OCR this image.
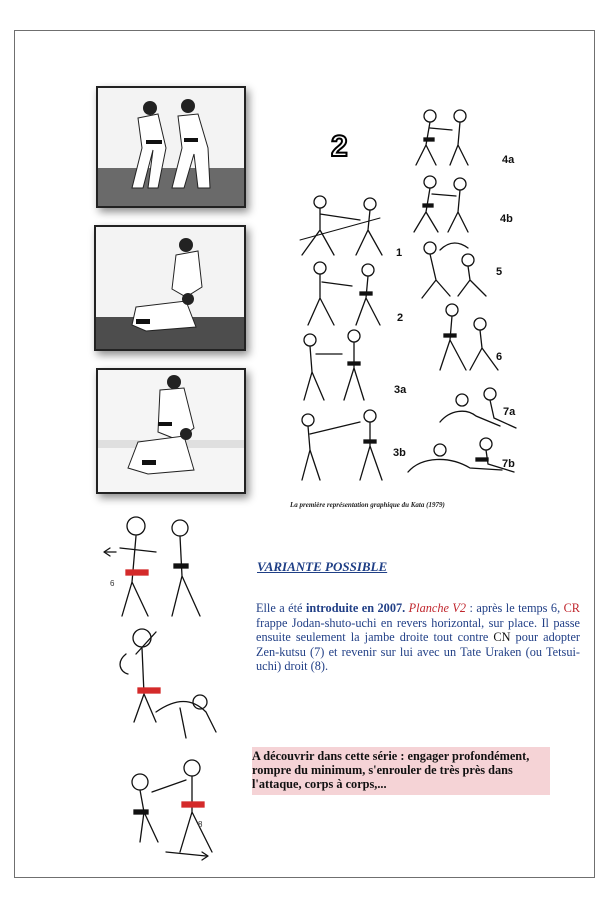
2	4a
4b
1
5
2
6
3a
7a
3b
7b
La première représentation graphique du Kata (1979)
6
8
VARIANTE POSSIBLE
Elle a été introduite en 2007. Planche V2 : après le temps 6, CR frappe Jodan-shuto-uchi en revers horizontal, sur place. Il passe ensuite seulement la jambe droite tout contre CN pour adopter Zen-kutsu (7) et revenir sur lui avec un Tate Uraken (ou Tetsui-uchi) droit (8).
A découvrir dans cette série : engager profondément, rompre du minimum, s'enrouler de très près dans l'attaque, corps à corps,...
